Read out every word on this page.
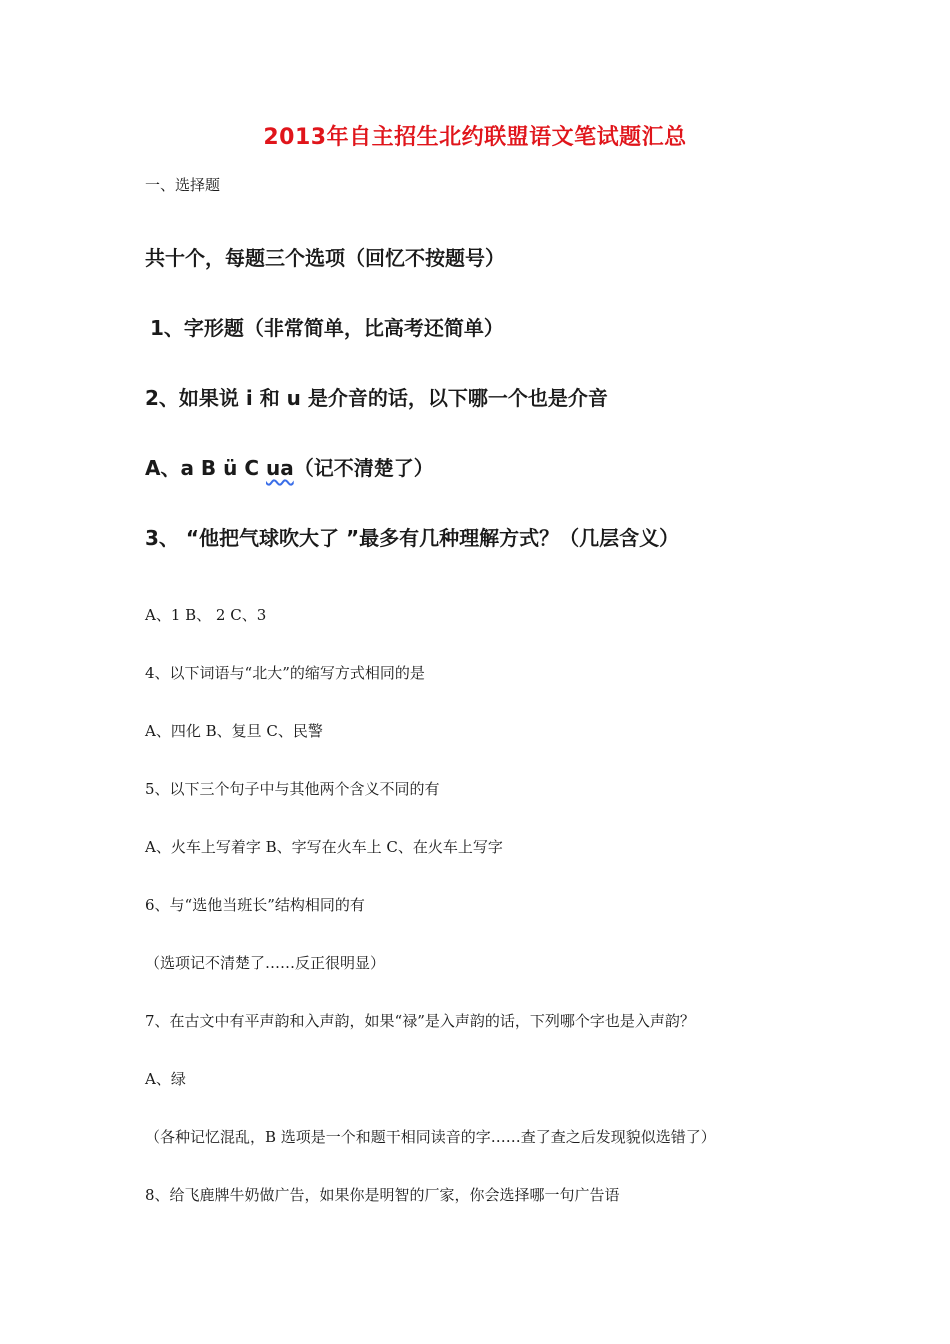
2013年自主招生北约联盟语文笔试题汇总
一、选择题
共十个，每题三个选项（回忆不按题号）
1、字形题（非常简单，比高考还简单）
2、如果说 i 和 u 是介音的话，以下哪一个也是介音
A、a B ü C ua（记不清楚了）
3、 “他把气球吹大了 ”最多有几种理解方式？（几层含义）
A、1 B、 2 C、3
4、以下词语与“北大”的缩写方式相同的是
A、四化 B、复旦 C、民警
5、以下三个句子中与其他两个含义不同的有
A、火车上写着字 B、字写在火车上 C、在火车上写字
6、与“选他当班长”结构相同的有
（选项记不清楚了……反正很明显）
7、在古文中有平声韵和入声韵，如果“禄”是入声韵的话，下列哪个字也是入声韵？
A、绿
（各种记忆混乱，B 选项是一个和题干相同读音的字……查了查之后发现貌似选错了）
8、给飞鹿牌牛奶做广告，如果你是明智的厂家，你会选择哪一句广告语
